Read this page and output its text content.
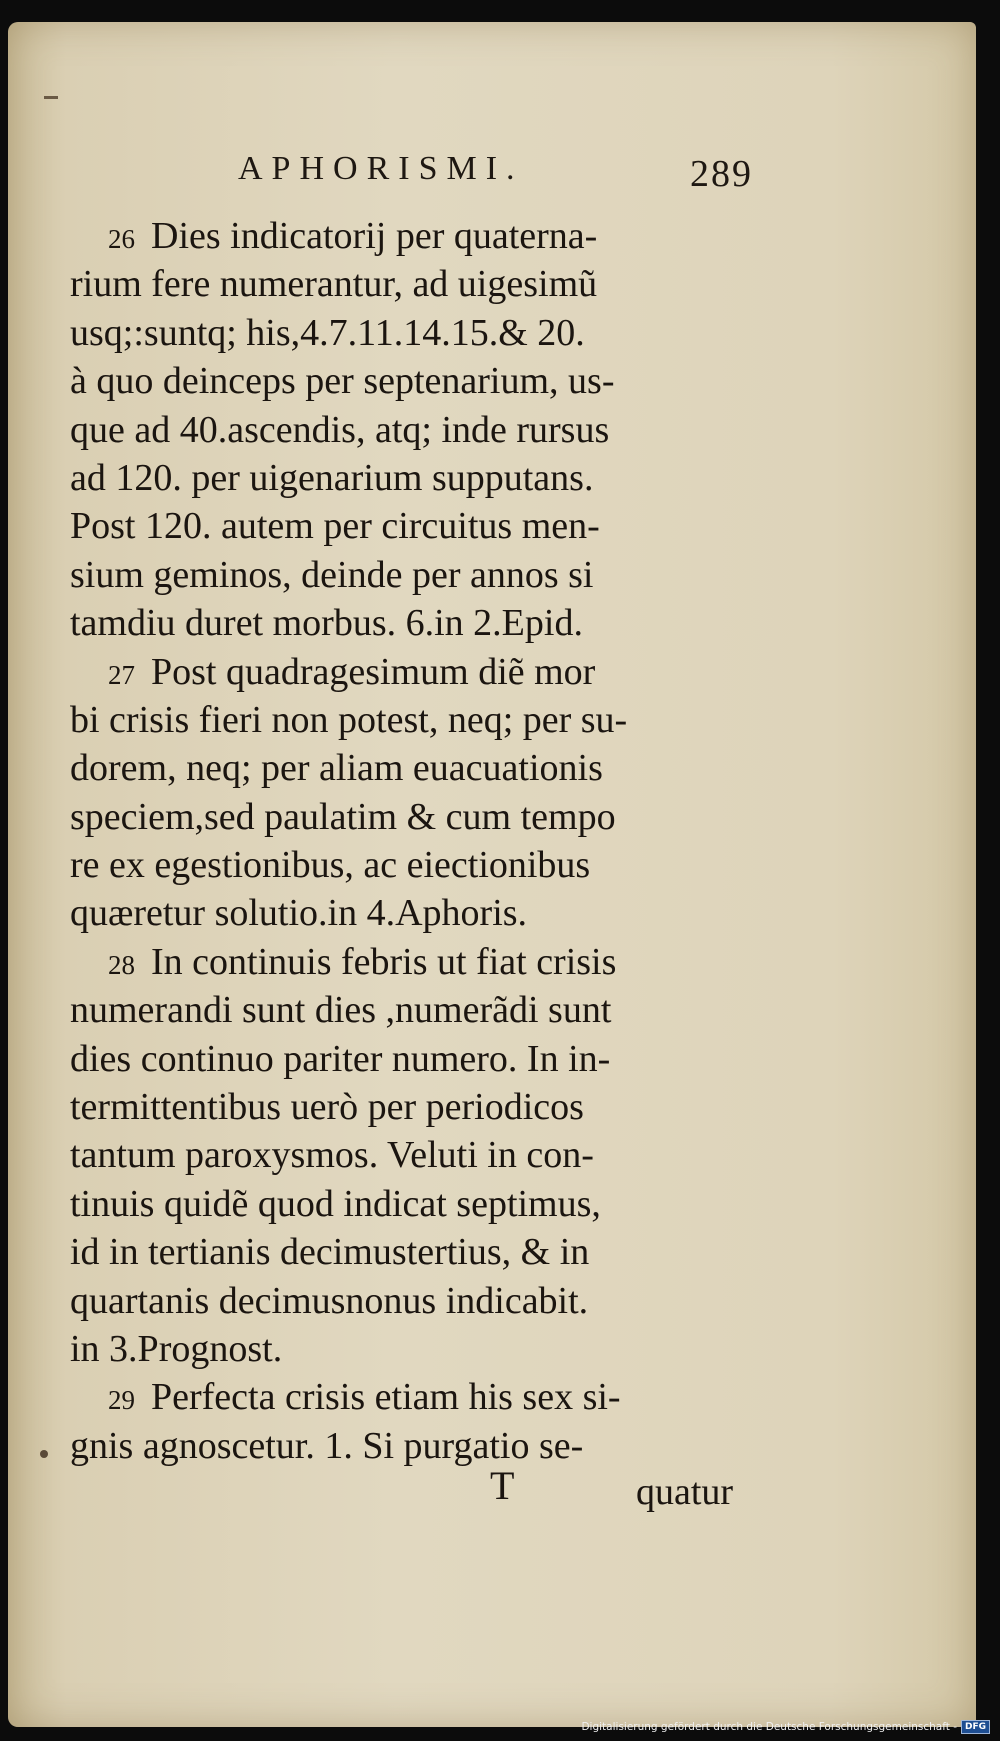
APHORISMI.	289
26 Dies indicatorij per quaterna-
rium fere numerantur, ad uigesimũ
usq;:suntq; his,4.7.11.14.15.& 20.
à quo deinceps per septenarium, us-
que ad 40.ascendis, atq; inde rursus
ad 120. per uigenarium supputans.
Post 120. autem per circuitus men-
sium geminos, deinde per annos si
tamdiu duret morbus. 6.in 2.Epid.
27 Post quadragesimum diẽ mor
bi crisis fieri non potest, neq; per su-
dorem, neq; per aliam euacuationis
speciem,sed paulatim & cum tempo
re ex egestionibus, ac eiectionibus
quæretur solutio.in 4.Aphoris.
28 In continuis febris ut fiat crisis
numerandi sunt dies ,numerãdi sunt
dies continuo pariter numero. In in-
termittentibus uerò per periodicos
tantum paroxysmos. Veluti in con-
tinuis quidẽ quod indicat septimus,
id in tertianis decimustertius, & in
quartanis decimusnonus indicabit.
in 3.Prognost.
29 Perfecta crisis etiam his sex si-
gnis agnoscetur. 1. Si purgatio se-
T	quatur
Digitalisierung gefördert durch die Deutsche Forschungsgemeinschaft - DFG
